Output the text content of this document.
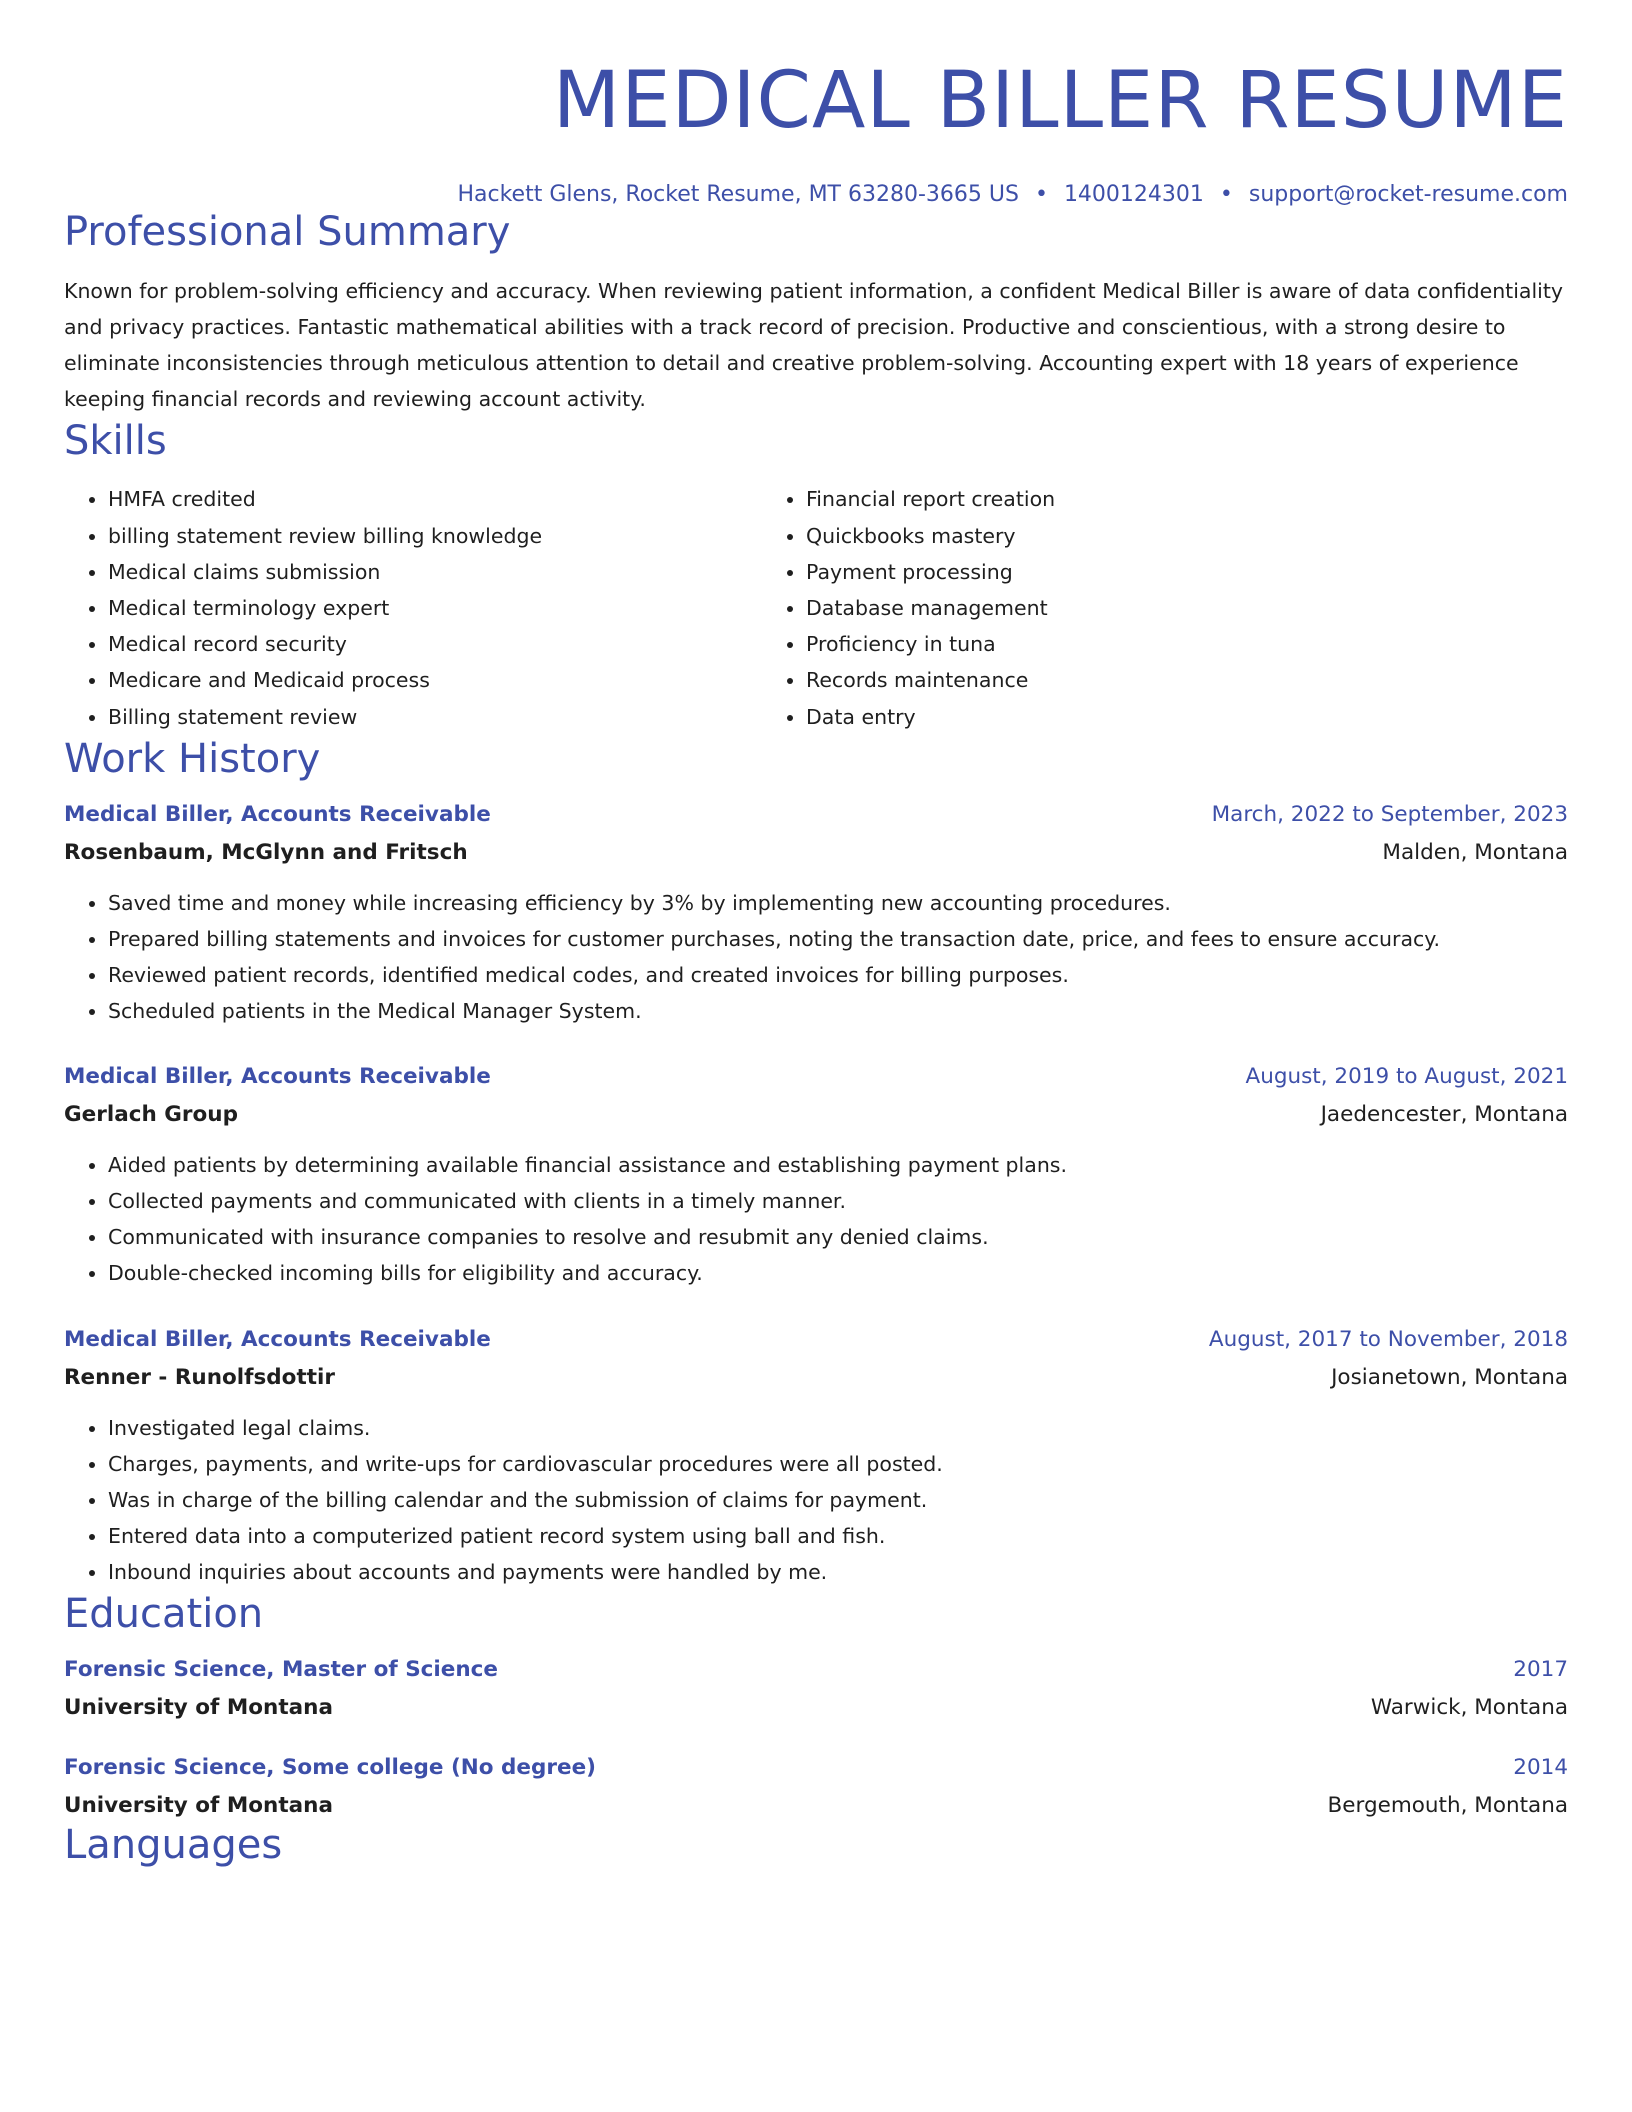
MEDICAL BILLER RESUME
Hackett Glens, Rocket Resume, MT 63280-3665 US • 1400124301 • support@rocket-resume.com
Professional Summary
Known for problem-solving efficiency and accuracy. When reviewing patient information, a confident Medical Biller is aware of data confidentiality and privacy practices. Fantastic mathematical abilities with a track record of precision. Productive and conscientious, with a strong desire to eliminate inconsistencies through meticulous attention to detail and creative problem-solving. Accounting expert with 18 years of experience keeping financial records and reviewing account activity.
Skills
• HMFA credited
• billing statement review billing knowledge
• Medical claims submission
• Medical terminology expert
• Medical record security
• Medicare and Medicaid process
• Billing statement review
• Financial report creation
• Quickbooks mastery
• Payment processing
• Database management
• Proficiency in tuna
• Records maintenance
• Data entry
Work History
Medical Biller, Accounts Receivable	March, 2022 to September, 2023
Rosenbaum, McGlynn and Fritsch	Malden, Montana
• Saved time and money while increasing efficiency by 3% by implementing new accounting procedures.
• Prepared billing statements and invoices for customer purchases, noting the transaction date, price, and fees to ensure accuracy.
• Reviewed patient records, identified medical codes, and created invoices for billing purposes.
• Scheduled patients in the Medical Manager System.
Medical Biller, Accounts Receivable	August, 2019 to August, 2021
Gerlach Group	Jaedencester, Montana
• Aided patients by determining available financial assistance and establishing payment plans.
• Collected payments and communicated with clients in a timely manner.
• Communicated with insurance companies to resolve and resubmit any denied claims.
• Double-checked incoming bills for eligibility and accuracy.
Medical Biller, Accounts Receivable	August, 2017 to November, 2018
Renner - Runolfsdottir	Josianetown, Montana
• Investigated legal claims.
• Charges, payments, and write-ups for cardiovascular procedures were all posted.
• Was in charge of the billing calendar and the submission of claims for payment.
• Entered data into a computerized patient record system using ball and fish.
• Inbound inquiries about accounts and payments were handled by me.
Education
Forensic Science, Master of Science	2017
University of Montana	Warwick, Montana
Forensic Science, Some college (No degree)	2014
University of Montana	Bergemouth, Montana
Languages
